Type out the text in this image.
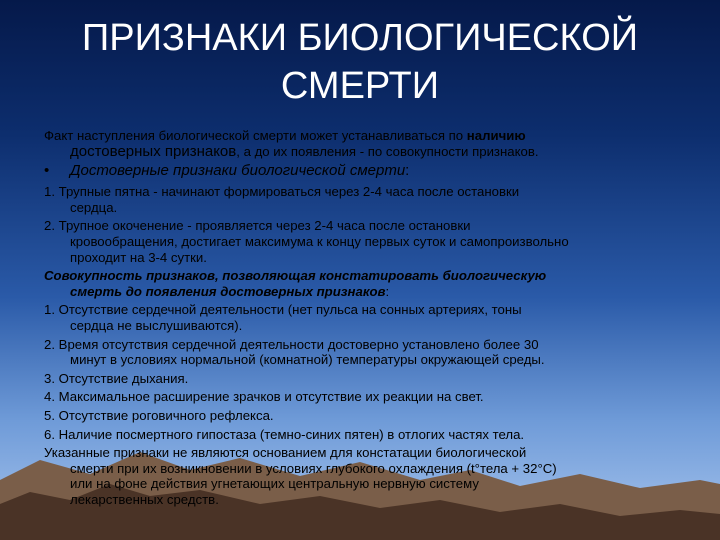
ПРИЗНАКИ БИОЛОГИЧЕСКОЙ
СМЕРТИ
Факт наступления биологической смерти может устанавливаться по наличию
достоверных признаков, а до их появления - по совокупности признаков.
• Достоверные признаки биологической смерти:
1. Трупные пятна - начинают формироваться через 2-4 часа после остановки
сердца.
2. Трупное окоченение - проявляется через 2-4 часа после остановки
кровообращения, достигает максимума к концу первых суток и самопроизвольно
проходит на 3-4 сутки.
Совокупность признаков, позволяющая констатировать биологическую
смерть до появления достоверных признаков:
1. Отсутствие сердечной деятельности (нет пульса на сонных артериях, тоны
сердца не выслушиваются).
2. Время отсутствия сердечной деятельности достоверно установлено более 30
минут в условиях нормальной (комнатной) температуры окружающей среды.
3. Отсутствие дыхания.
4. Максимальное расширение зрачков и отсутствие их реакции на свет.
5. Отсутствие роговичного рефлекса.
6. Наличие посмертного гипостаза (темно-синих пятен) в отлогих частях тела.
Указанные признаки не являются основанием для констатации биологической
смерти при их возникновении в условиях глубокого охлаждения (t°тела + 32°С)
или на фоне действия угнетающих центральную нервную систему
лекарственных средств.
